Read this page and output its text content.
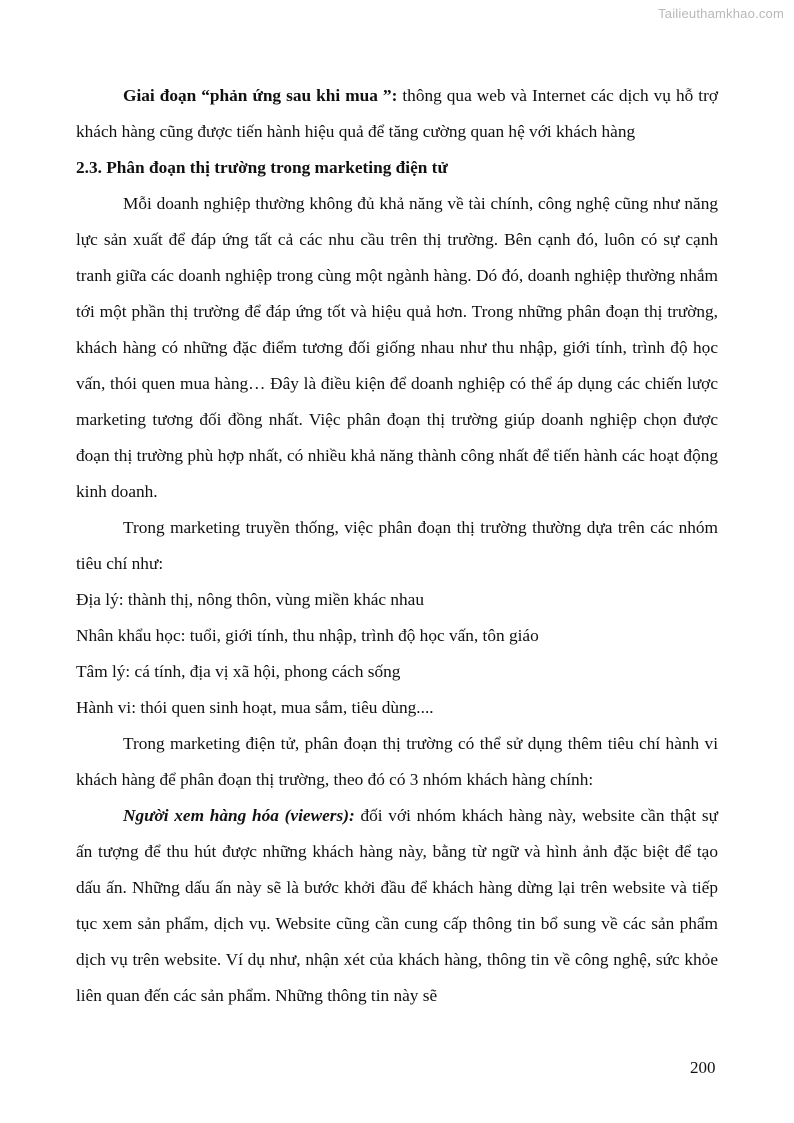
Tailieuthamkhao.com

Giai đoạn “phản ứng sau khi mua ”: thông qua web và Internet các dịch vụ hỗ trợ khách hàng cũng được tiến hành hiệu quả để tăng cường quan hệ với khách hàng

2.3. Phân đoạn thị trường trong marketing điện tử

Mỗi doanh nghiệp thường không đủ khả năng về tài chính, công nghệ cũng như năng lực sản xuất để đáp ứng tất cả các nhu cầu trên thị trường. Bên cạnh đó, luôn có sự cạnh tranh giữa các doanh nghiệp trong cùng một ngành hàng. Dó đó, doanh nghiệp thường nhắm tới một phần thị trường để đáp ứng tốt và hiệu quả hơn. Trong những phân đoạn thị trường, khách hàng có những đặc điểm tương đối giống nhau như thu nhập, giới tính, trình độ học vấn, thói quen mua hàng… Đây là điều kiện để doanh nghiệp có thể áp dụng các chiến lược marketing tương đối đồng nhất. Việc phân đoạn thị trường giúp doanh nghiệp chọn được đoạn thị trường phù hợp nhất, có nhiều khả năng thành công nhất để tiến hành các hoạt động kinh doanh.

Trong marketing truyền thống, việc phân đoạn thị trường thường dựa trên các nhóm tiêu chí như:

Địa lý: thành thị, nông thôn, vùng miền khác nhau

Nhân khẩu học: tuổi, giới tính, thu nhập, trình độ học vấn, tôn giáo

Tâm lý: cá tính, địa vị xã hội, phong cách sống

Hành vi: thói quen sinh hoạt, mua sắm, tiêu dùng....

Trong marketing điện tử, phân đoạn thị trường có thể sử dụng thêm tiêu chí hành vi khách hàng để phân đoạn thị trường, theo đó có 3 nhóm khách hàng chính:

Người xem hàng hóa (viewers): đối với nhóm khách hàng này, website cần thật sự ấn tượng để thu hút được những khách hàng này, bằng từ ngữ và hình ảnh đặc biệt để tạo dấu ấn. Những dấu ấn này sẽ là bước khởi đầu để khách hàng dừng lại trên website và tiếp tục xem sản phẩm, dịch vụ. Website cũng cần cung cấp thông tin bổ sung về các sản phẩm dịch vụ trên website. Ví dụ như, nhận xét của khách hàng, thông tin về công nghệ, sức khỏe liên quan đến các sản phẩm. Những thông tin này sẽ

200
